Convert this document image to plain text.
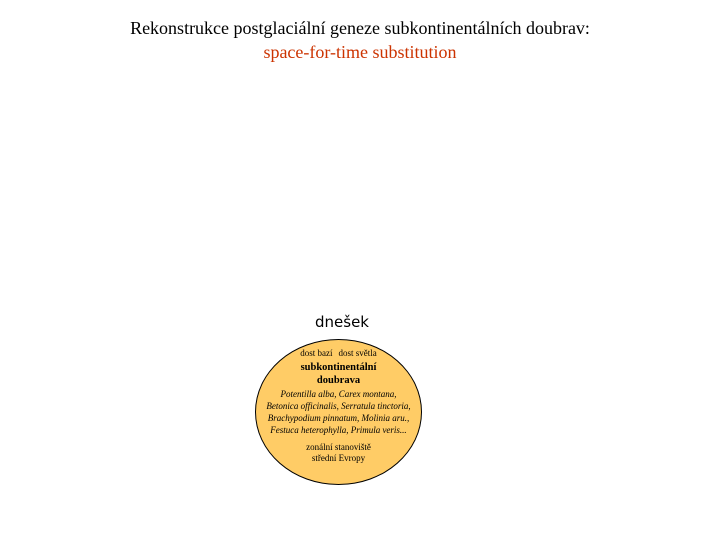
Rekonstrukce postglaciální geneze subkontinentálních doubrav:
space-for-time substitution
dnešek
dost bazí dost světla
subkontinentální doubrava
Potentilla alba, Carex montana,
Betonica officinalis, Serratula tinctoria,
Brachypodium pinnatum, Molinia aru.,
Festuca heterophylla, Primula veris...
zonální stanoviště
střední Evropy
